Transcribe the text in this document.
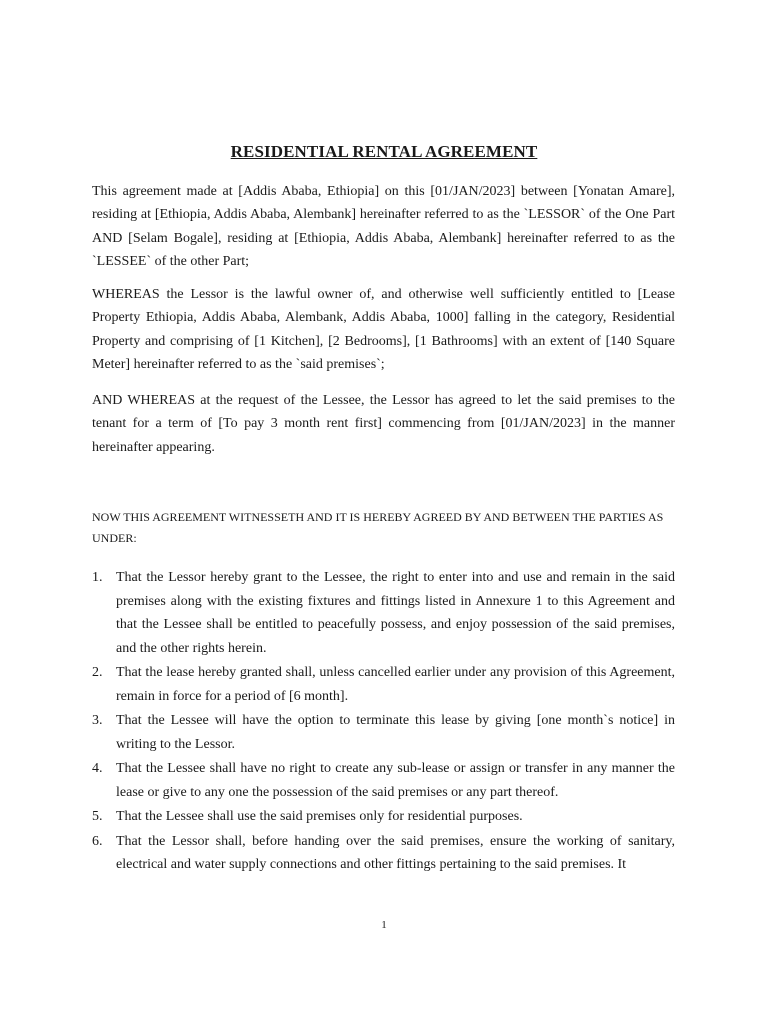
RESIDENTIAL RENTAL AGREEMENT

This agreement made at [Addis Ababa, Ethiopia] on this [01/JAN/2023] between [Yonatan Amare], residing at [Ethiopia, Addis Ababa, Alembank] hereinafter referred to as the `LESSOR` of the One Part AND [Selam Bogale], residing at [Ethiopia, Addis Ababa, Alembank] hereinafter referred to as the `LESSEE` of the other Part;

WHEREAS the Lessor is the lawful owner of, and otherwise well sufficiently entitled to [Lease Property Ethiopia, Addis Ababa, Alembank, Addis Ababa, 1000] falling in the category, Residential Property and comprising of [1 Kitchen], [2 Bedrooms], [1 Bathrooms] with an extent of [140 Square Meter] hereinafter referred to as the `said premises`;

AND WHEREAS at the request of the Lessee, the Lessor has agreed to let the said premises to the tenant for a term of [To pay 3 month rent first] commencing from [01/JAN/2023] in the manner hereinafter appearing.

NOW THIS AGREEMENT WITNESSETH AND IT IS HEREBY AGREED BY AND BETWEEN THE PARTIES AS UNDER:

1. That the Lessor hereby grant to the Lessee, the right to enter into and use and remain in the said premises along with the existing fixtures and fittings listed in Annexure 1 to this Agreement and that the Lessee shall be entitled to peacefully possess, and enjoy possession of the said premises, and the other rights herein.
2. That the lease hereby granted shall, unless cancelled earlier under any provision of this Agreement, remain in force for a period of [6 month].
3. That the Lessee will have the option to terminate this lease by giving [one month`s notice] in writing to the Lessor.
4. That the Lessee shall have no right to create any sub-lease or assign or transfer in any manner the lease or give to any one the possession of the said premises or any part thereof.
5. That the Lessee shall use the said premises only for residential purposes.
6. That the Lessor shall, before handing over the said premises, ensure the working of sanitary, electrical and water supply connections and other fittings pertaining to the said premises. It

1
